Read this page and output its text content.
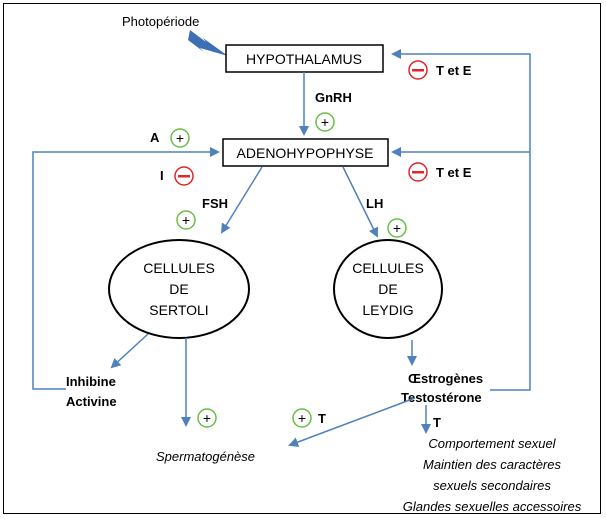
Photopériode
HYPOTHALAMUS
GnRH
+
ADENOHYPOPHYSE
A +
I
T et E
T et E
FSH
+
LH
+
CELLULES
DE
SERTOLI
CELLULES
DE
LEYDIG
Inhibine
Activine
+
Spermatogénèse
Œstrogènes
Testostérone
+ T	T
Comportement sexuel
Maintien des caractères
sexuels secondaires
Glandes sexuelles accessoires
